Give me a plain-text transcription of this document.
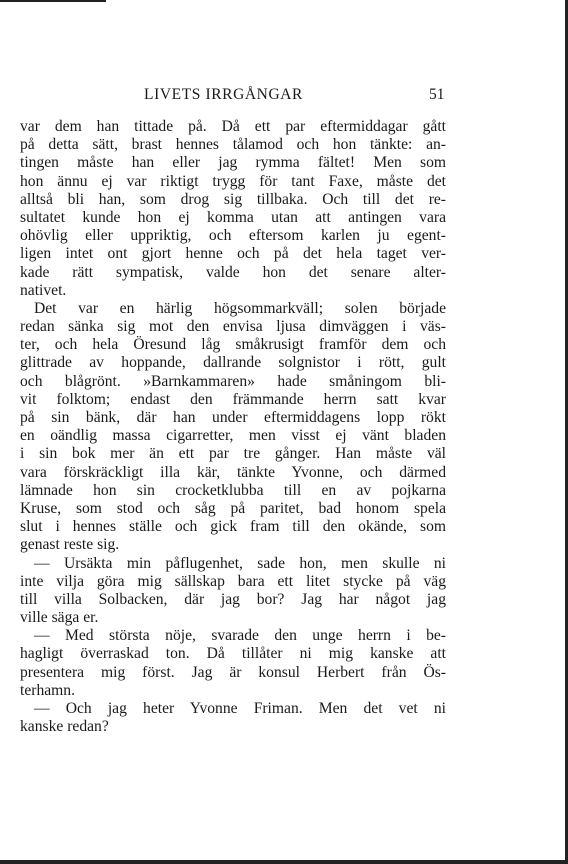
LIVETS IRRGÅNGAR	51
var dem han tittade på. Då ett par eftermiddagar gått
på detta sätt, brast hennes tålamod och hon tänkte: an-
tingen måste han eller jag rymma fältet! Men som
hon ännu ej var riktigt trygg för tant Faxe, måste det
alltså bli han, som drog sig tillbaka. Och till det re-
sultatet kunde hon ej komma utan att antingen vara
ohövlig eller uppriktig, och eftersom karlen ju egent-
ligen intet ont gjort henne och på det hela taget ver-
kade rätt sympatisk, valde hon det senare alter-
nativet.
Det var en härlig högsommarkväll; solen började
redan sänka sig mot den envisa ljusa dimväggen i väs-
ter, och hela Öresund låg småkrusigt framför dem och
glittrade av hoppande, dallrande solgnistor i rött, gult
och blågrönt. »Barnkammaren» hade småningom bli-
vit folktom; endast den främmande herrn satt kvar
på sin bänk, där han under eftermiddagens lopp rökt
en oändlig massa cigarretter, men visst ej vänt bladen
i sin bok mer än ett par tre gånger. Han måste väl
vara förskräckligt illa kär, tänkte Yvonne, och därmed
lämnade hon sin crocketklubba till en av pojkarna
Kruse, som stod och såg på paritet, bad honom spela
slut i hennes ställe och gick fram till den okände, som
genast reste sig.
— Ursäkta min påflugenhet, sade hon, men skulle ni
inte vilja göra mig sällskap bara ett litet stycke på väg
till villa Solbacken, där jag bor? Jag har något jag
ville säga er.
— Med största nöje, svarade den unge herrn i be-
hagligt överraskad ton. Då tillåter ni mig kanske att
presentera mig först. Jag är konsul Herbert från Ös-
terhamn.
— Och jag heter Yvonne Friman. Men det vet ni
kanske redan?
